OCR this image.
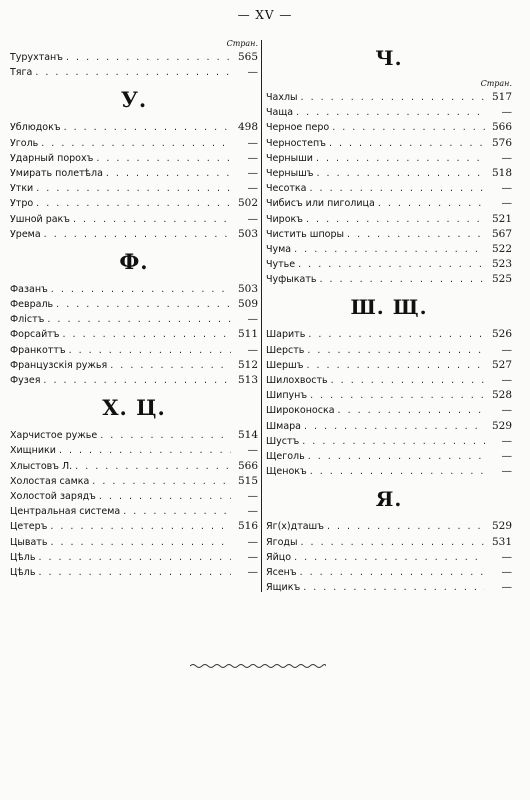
— XV —
Стран.
Турухтанъ . . .	565
Тяга . . .	—
У.
Ублюдокъ . . .	498
Уголь . . .	—
Ударный порохъ . . .	—
Умирать полетѣла . . .	—
Утки . . .	—
Утро . . .	502
Ушной ракъ . . .	—
Урема . . .	503
Ф.
Фазанъ . . .	503
Февраль . . .	509
Флістъ . . .	—
Форсайтъ . . .	511
Франкоттъ . . .	—
Французскія ружья . . .	512
Фузея . . .	513
Х. Ц.
Харчистое ружье . . .	514
Хищники . . .	—
Хлыстовъ Л. . . .	566
Холостая самка . . .	515
Холостой зарядъ . . .	—
Центральная система . . .	—
Цетеръ . . .	516
Цывать . . .	—
Цѣль . . .	—
Цѣль . . .	—
Ч.
Стран.
Чахлы . . .	517
Чаща . . .	—
Черное перо . . .	566
Черностепъ . . .	576
Черныши . . .	—
Чернышъ . . .	518
Чесотка . . .	—
Чибисъ или пиголица . . .	—
Чирокъ . . .	521
Чистить шпоры . . .	567
Чума . . .	522
Чутье . . .	523
Чуфыкать . . .	525
Ш. Щ.
Шарить . . .	526
Шерсть . . .	—
Шершъ . . .	527
Шилохвость . . .	—
Шипунъ . . .	528
Широконоска . . .	—
Шмара . . .	529
Шустъ . . .	—
Щеголь . . .	—
Щенокъ . . .	—
Я.
Яг(х)дташъ . . .	529
Ягоды . . .	531
Яйцо . . .	—
Ясенъ . . .	—
Ящикъ . . .	—
